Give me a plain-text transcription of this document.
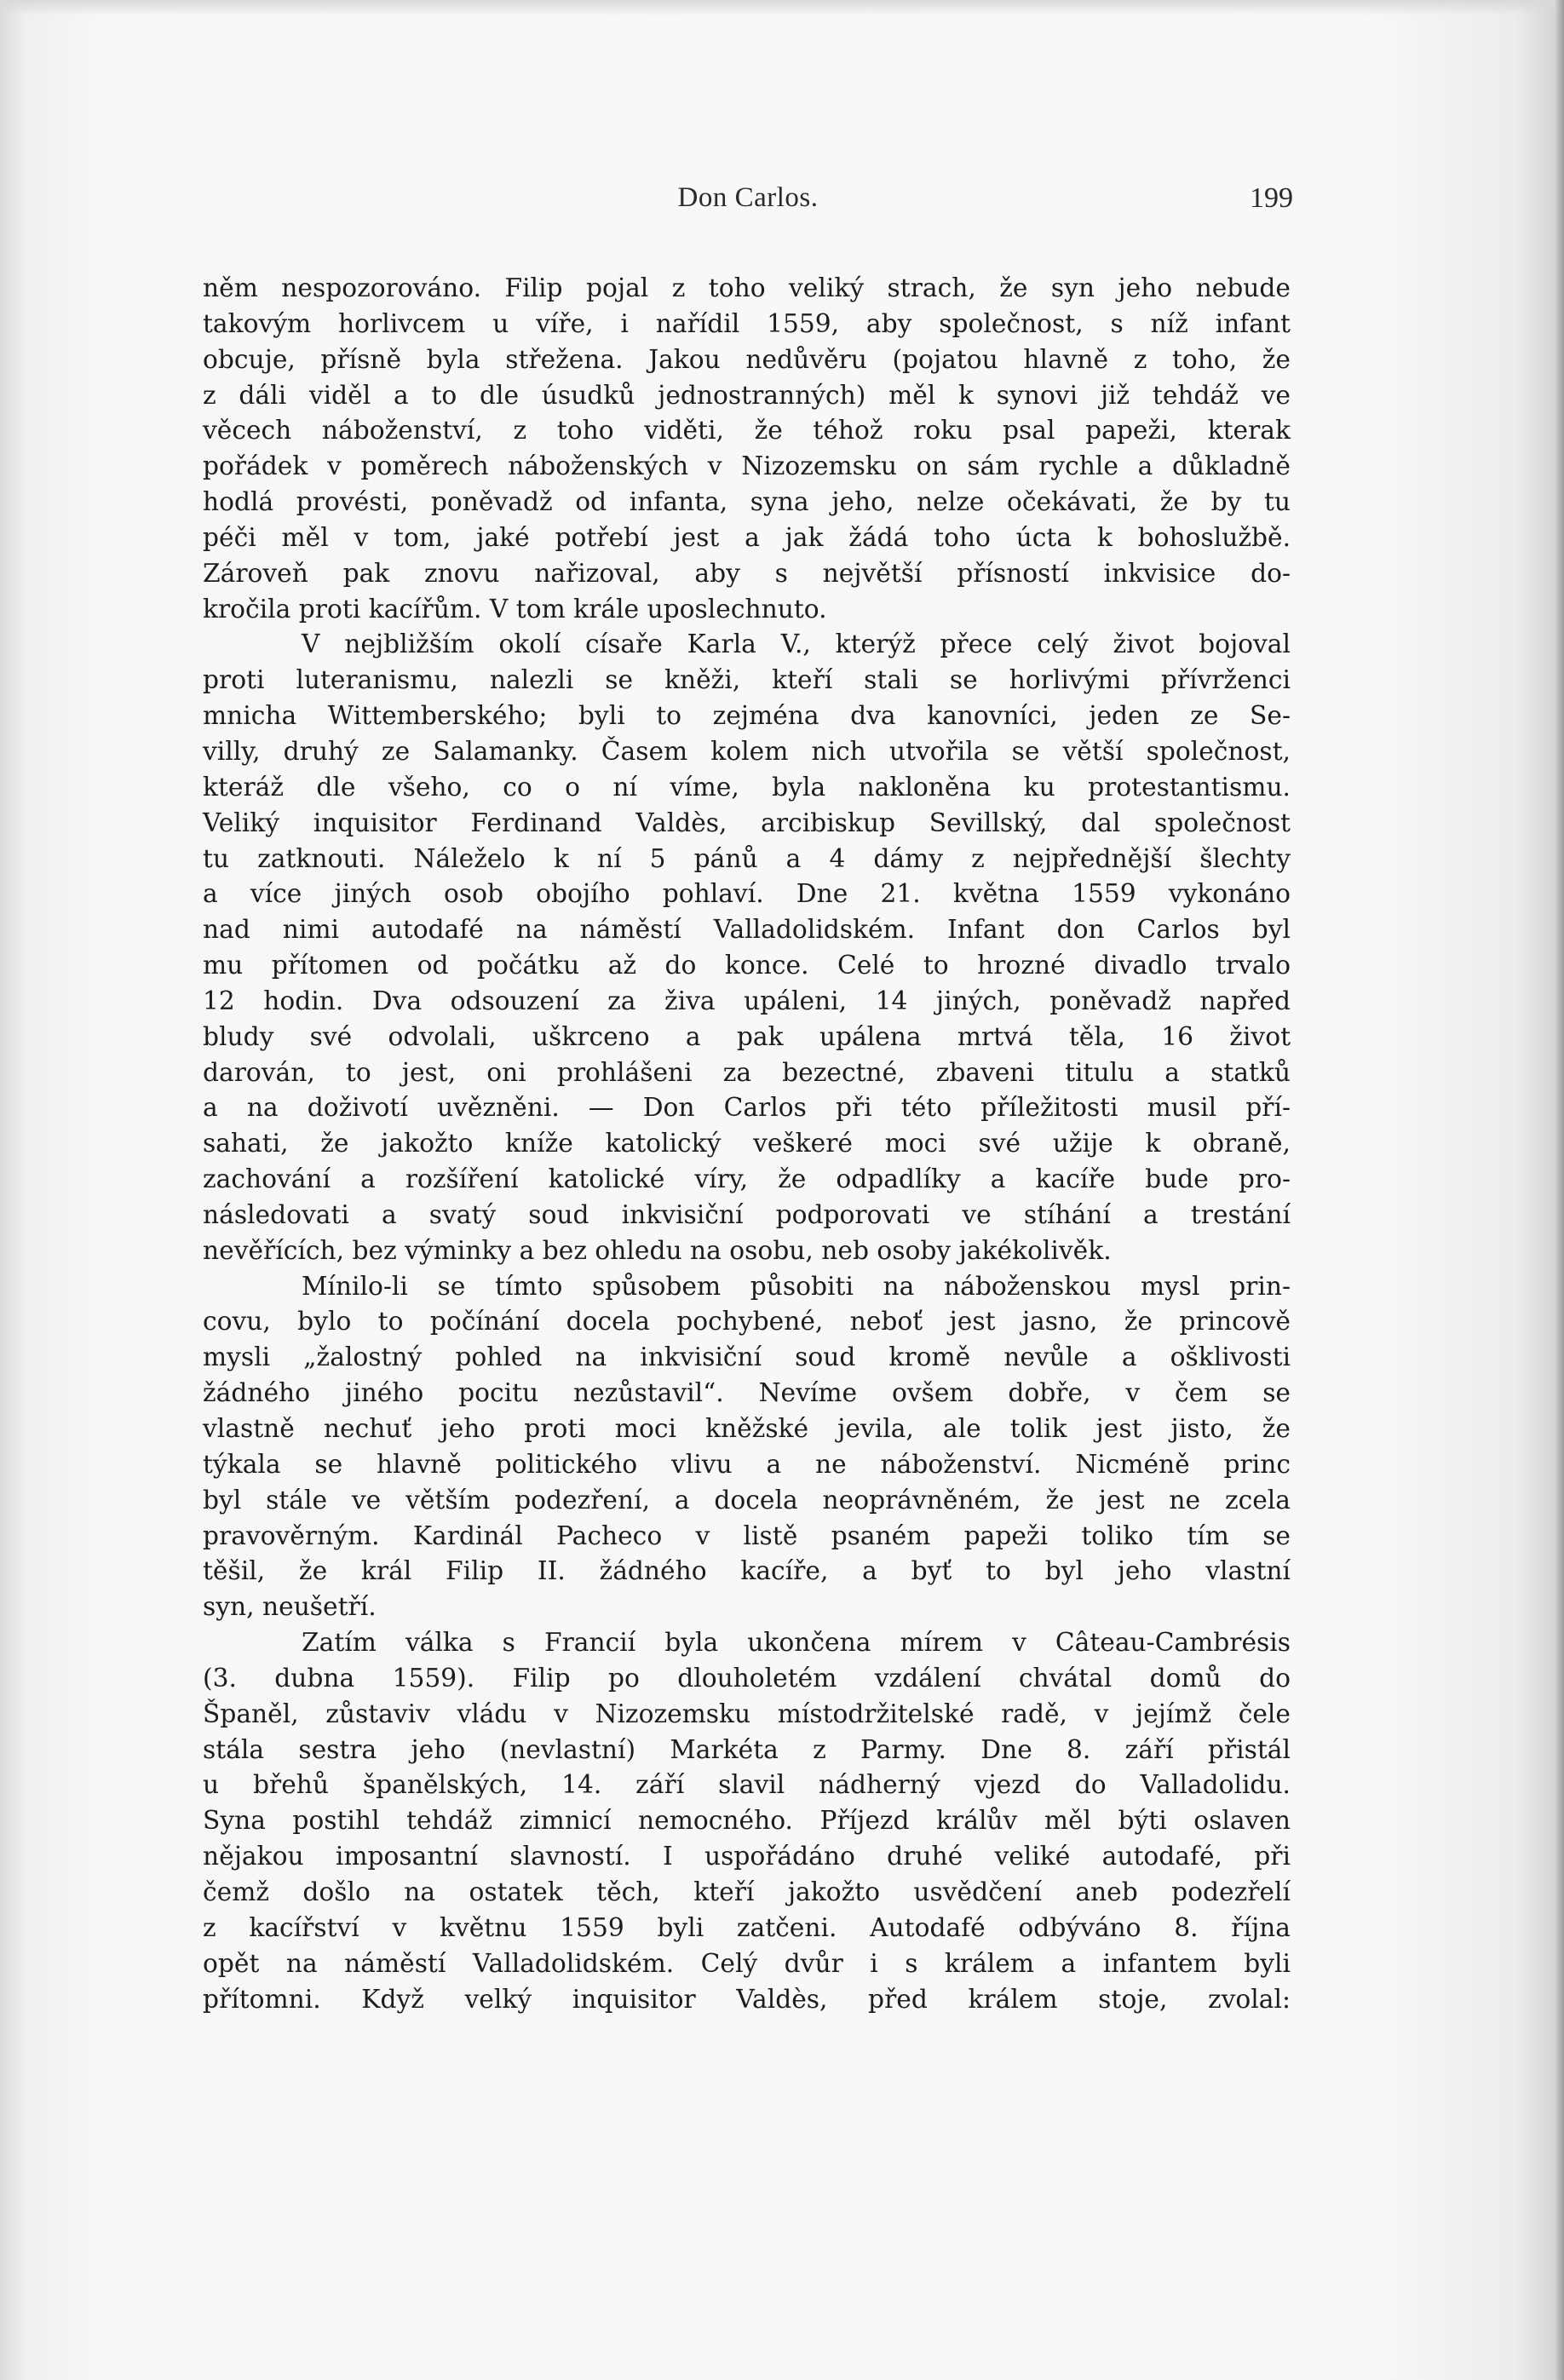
Don Carlos.	199
něm nespozorováno. Filip pojal z toho veliký strach, že syn jeho nebude
takovým horlivcem u víře, i nařídil 1559, aby společnost, s níž infant
obcuje, přísně byla střežena. Jakou nedůvěru (pojatou hlavně z toho, že
z dáli viděl a to dle úsudků jednostranných) měl k synovi již tehdáž ve
věcech náboženství, z toho viděti, že téhož roku psal papeži, kterak
pořádek v poměrech náboženských v Nizozemsku on sám rychle a důkladně
hodlá provésti, poněvadž od infanta, syna jeho, nelze očekávati, že by tu
péči měl v tom, jaké potřebí jest a jak žádá toho úcta k bohoslužbě.
Zároveň pak znovu nařizoval, aby s největší přísností inkvisice do-
kročila proti kacířům. V tom krále uposlechnuto.
V nejbližším okolí císaře Karla V., kterýž přece celý život bojoval
proti luteranismu, nalezli se kněži, kteří stali se horlivými přívrženci
mnicha Wittemberského; byli to zejména dva kanovníci, jeden ze Se-
villy, druhý ze Salamanky. Časem kolem nich utvořila se větší společnost,
kteráž dle všeho, co o ní víme, byla nakloněna ku protestantismu.
Veliký inquisitor Ferdinand Valdès, arcibiskup Sevillský, dal společnost
tu zatknouti. Náleželo k ní 5 pánů a 4 dámy z nejpřednější šlechty
a více jiných osob obojího pohlaví. Dne 21. května 1559 vykonáno
nad nimi autodafé na náměstí Valladolidském. Infant don Carlos byl
mu přítomen od počátku až do konce. Celé to hrozné divadlo trvalo
12 hodin. Dva odsouzení za živa upáleni, 14 jiných, poněvadž napřed
bludy své odvolali, uškrceno a pak upálena mrtvá těla, 16 život
darován, to jest, oni prohlášeni za bezectné, zbaveni titulu a statků
a na doživotí uvězněni. — Don Carlos při této příležitosti musil pří-
sahati, že jakožto kníže katolický veškeré moci své užije k obraně,
zachování a rozšíření katolické víry, že odpadlíky a kacíře bude pro-
následovati a svatý soud inkvisiční podporovati ve stíhání a trestání
nevěřících, bez výminky a bez ohledu na osobu, neb osoby jakékolivěk.
Mínilo-li se tímto spůsobem působiti na náboženskou mysl prin-
covu, bylo to počínání docela pochybené, neboť jest jasno, že princově
mysli „žalostný pohled na inkvisiční soud kromě nevůle a ošklivosti
žádného jiného pocitu nezůstavil“. Nevíme ovšem dobře, v čem se
vlastně nechuť jeho proti moci kněžské jevila, ale tolik jest jisto, že
týkala se hlavně politického vlivu a ne náboženství. Nicméně princ
byl stále ve větším podezření, a docela neoprávněném, že jest ne zcela
pravověrným. Kardinál Pacheco v listě psaném papeži toliko tím se
těšil, že král Filip II. žádného kacíře, a byť to byl jeho vlastní
syn, neušetří.
Zatím válka s Francií byla ukončena mírem v Câteau-Cambrésis
(3. dubna 1559). Filip po dlouholetém vzdálení chvátal domů do
Španěl, zůstaviv vládu v Nizozemsku místodržitelské radě, v jejímž čele
stála sestra jeho (nevlastní) Markéta z Parmy. Dne 8. září přistál
u břehů španělských, 14. září slavil nádherný vjezd do Valladolidu.
Syna postihl tehdáž zimnicí nemocného. Příjezd králův měl býti oslaven
nějakou imposantní slavností. I uspořádáno druhé veliké autodafé, při
čemž došlo na ostatek těch, kteří jakožto usvědčení aneb podezřelí
z kacířství v květnu 1559 byli zatčeni. Autodafé odbýváno 8. října
opět na náměstí Valladolidském. Celý dvůr i s králem a infantem byli
přítomni. Když velký inquisitor Valdès, před králem stoje, zvolal:
